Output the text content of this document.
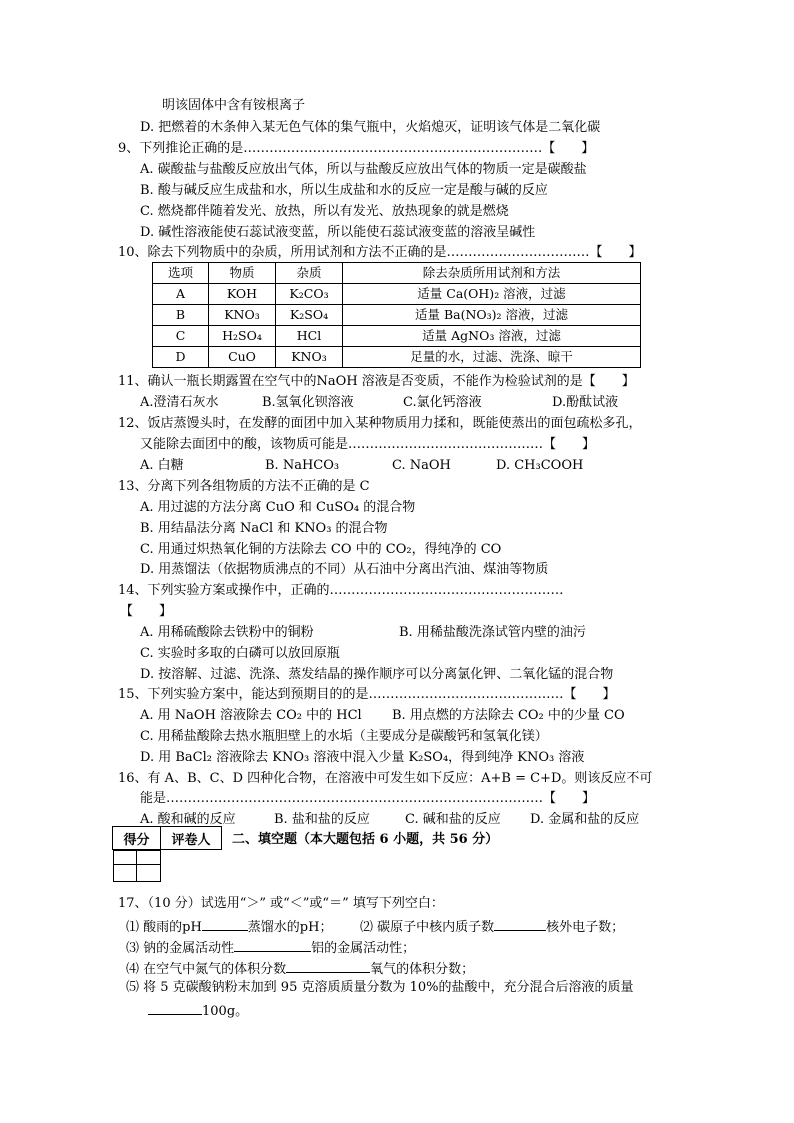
明该固体中含有铵根离子
D. 把燃着的木条伸入某无色气体的集气瓶中，火焰熄灭，证明该气体是二氧化碳
9、下列推论正确的是……………………………………………………………【　　】
A. 碳酸盐与盐酸反应放出气体，所以与盐酸反应放出气体的物质一定是碳酸盐
B. 酸与碱反应生成盐和水，所以生成盐和水的反应一定是酸与碱的反应
C. 燃烧都伴随着发光、放热，所以有发光、放热现象的就是燃烧
D. 碱性溶液能使石蕊试液变蓝，所以能使石蕊试液变蓝的溶液呈碱性
10、除去下列物质中的杂质，所用试剂和方法不正确的是……………………………【　　】
选项	物质	杂质	除去杂质所用试剂和方法
A	KOH	K₂CO₃	适量 Ca(OH)₂ 溶液，过滤
B	KNO₃	K₂SO₄	适量 Ba(NO₃)₂ 溶液，过滤
C	H₂SO₄	HCl	适量 AgNO₃ 溶液，过滤
D	CuO	KNO₃	足量的水，过滤、洗涤、晾干
11、确认一瓶长期露置在空气中的NaOH 溶液是否变质，不能作为检验试剂的是【　　】
A.澄清石灰水	B.氢氧化钡溶液	C.氯化钙溶液	D.酚酞试液
12、饭店蒸馒头时，在发酵的面团中加入某种物质用力揉和，既能使蒸出的面包疏松多孔，
又能除去面团中的酸，该物质可能是………………………………………【　　】
A. 白糖	B. NaHCO₃	C. NaOH	D. CH₃COOH
13、分离下列各组物质的方法不正确的是 C
A. 用过滤的方法分离 CuO 和 CuSO₄ 的混合物
B. 用结晶法分离 NaCl 和 KNO₃ 的混合物
C. 用通过炽热氧化铜的方法除去 CO 中的 CO₂，得纯净的 CO
D. 用蒸馏法（依据物质沸点的不同）从石油中分离出汽油、煤油等物质
14、下列实验方案或操作中，正确的………………………………………………
【　　】
A. 用稀硫酸除去铁粉中的铜粉	B. 用稀盐酸洗涤试管内壁的油污
C. 实验时多取的白磷可以放回原瓶
D. 按溶解、过滤、洗涤、蒸发结晶的操作顺序可以分离氯化钾、二氧化锰的混合物
15、下列实验方案中，能达到预期目的的是………………………………………【　　】
A. 用 NaOH 溶液除去 CO₂ 中的 HCl B. 用点燃的方法除去 CO₂ 中的少量 CO
C. 用稀盐酸除去热水瓶胆壁上的水垢（主要成分是碳酸钙和氢氧化镁）
D. 用 BaCl₂ 溶液除去 KNO₃ 溶液中混入少量 K₂SO₄，得到纯净 KNO₃ 溶液
16、有 A、B、C、D 四种化合物，在溶液中可发生如下反应：A+B = C+D。则该反应不可
能是……………………………………………………………………………【　　】
A. 酸和碱的反应	B. 盐和盐的反应	C. 碱和盐的反应 D. 金属和盐的反应
得分	评卷人
	二、填空题（本大题包括 6 小题，共 56 分）
17、（10 分）试选用“＞” 或“＜”或“＝” 填写下列空白：
⑴ 酸雨的pH	蒸馏水的pH； ⑵ 碳原子中核内质子数	核外电子数；
⑶ 钠的金属活动性	铝的金属活动性；
⑷ 在空气中氮气的体积分数	氧气的体积分数；
⑸ 将 5 克碳酸钠粉末加到 95 克溶质质量分数为 10%的盐酸中，充分混合后溶液的质量
100g。
